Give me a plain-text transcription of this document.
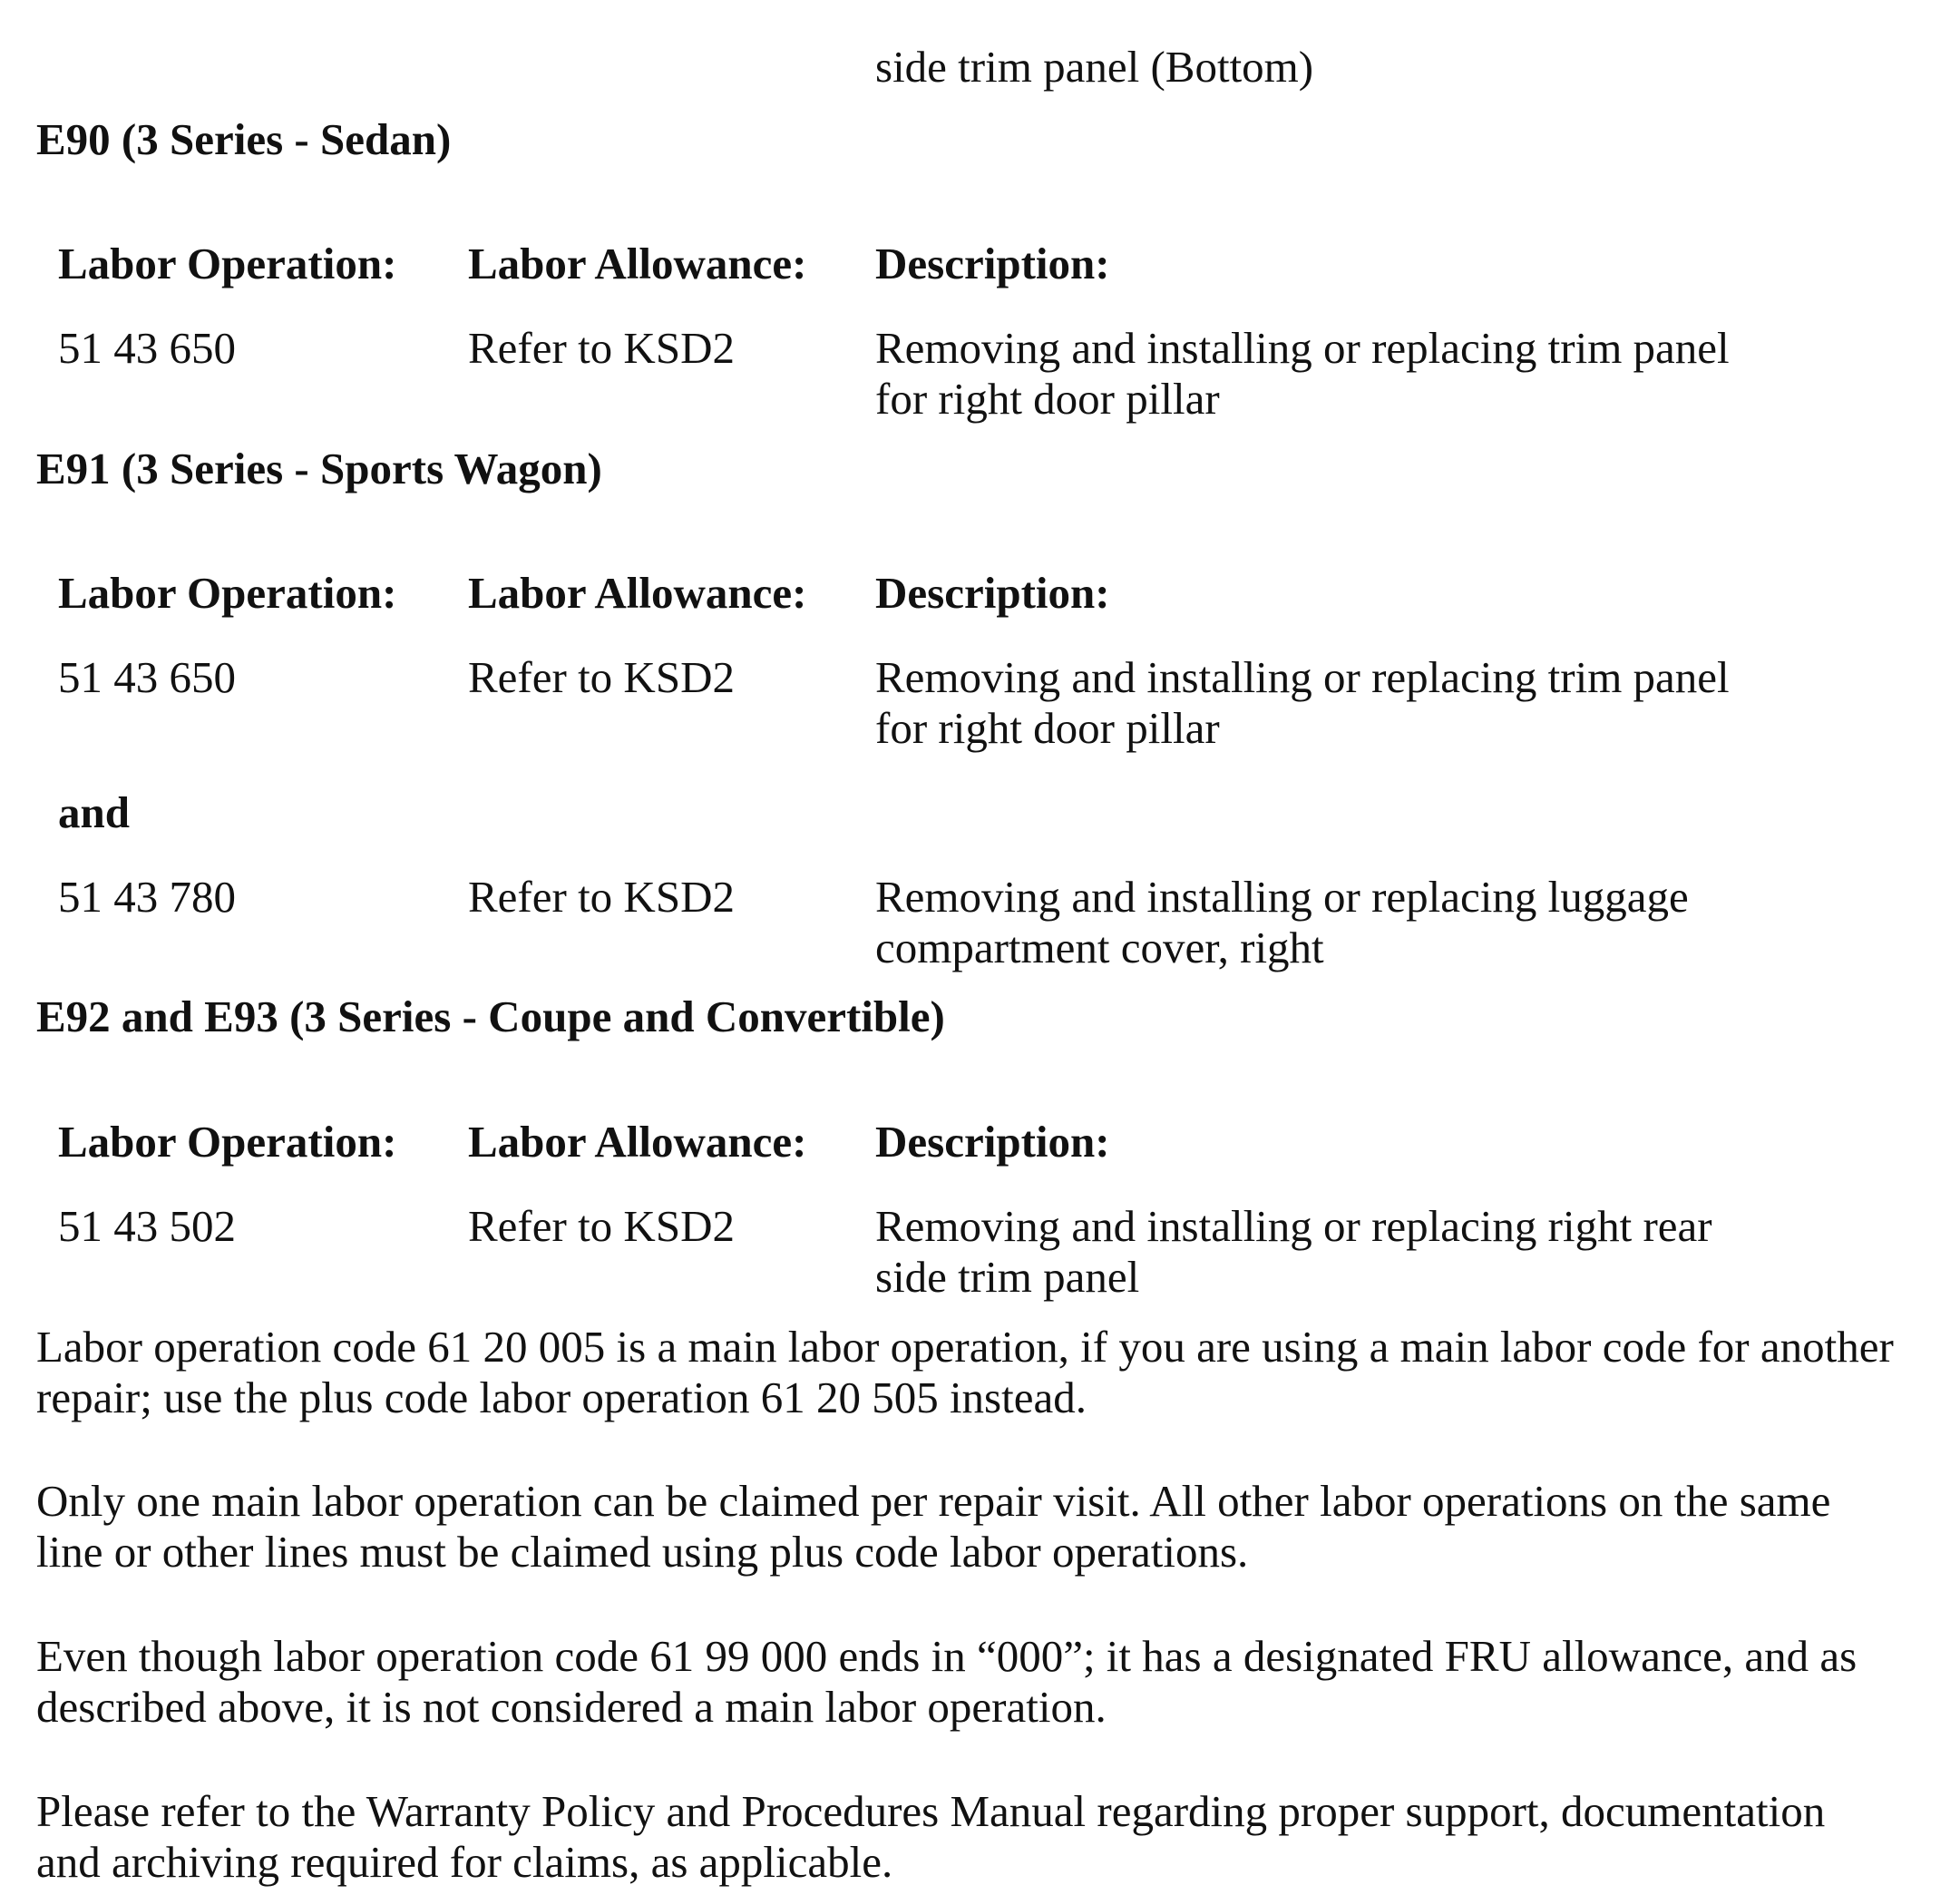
side trim panel (Bottom)
E90 (3 Series - Sedan)
Labor Operation: Labor Allowance: Description:
51 43 650	Refer to KSD2	Removing and installing or replacing trim panel
for right door pillar
E91 (3 Series - Sports Wagon)
Labor Operation: Labor Allowance: Description:
51 43 650	Refer to KSD2	Removing and installing or replacing trim panel
for right door pillar
and
51 43 780	Refer to KSD2	Removing and installing or replacing luggage
compartment cover, right
E92 and E93 (3 Series - Coupe and Convertible)
Labor Operation: Labor Allowance: Description:
51 43 502	Refer to KSD2	Removing and installing or replacing right rear
side trim panel
Labor operation code 61 20 005 is a main labor operation, if you are using a main labor code for another
repair; use the plus code labor operation 61 20 505 instead.
Only one main labor operation can be claimed per repair visit. All other labor operations on the same
line or other lines must be claimed using plus code labor operations.
Even though labor operation code 61 99 000 ends in “000”; it has a designated FRU allowance, and as
described above, it is not considered a main labor operation.
Please refer to the Warranty Policy and Procedures Manual regarding proper support, documentation
and archiving required for claims, as applicable.
